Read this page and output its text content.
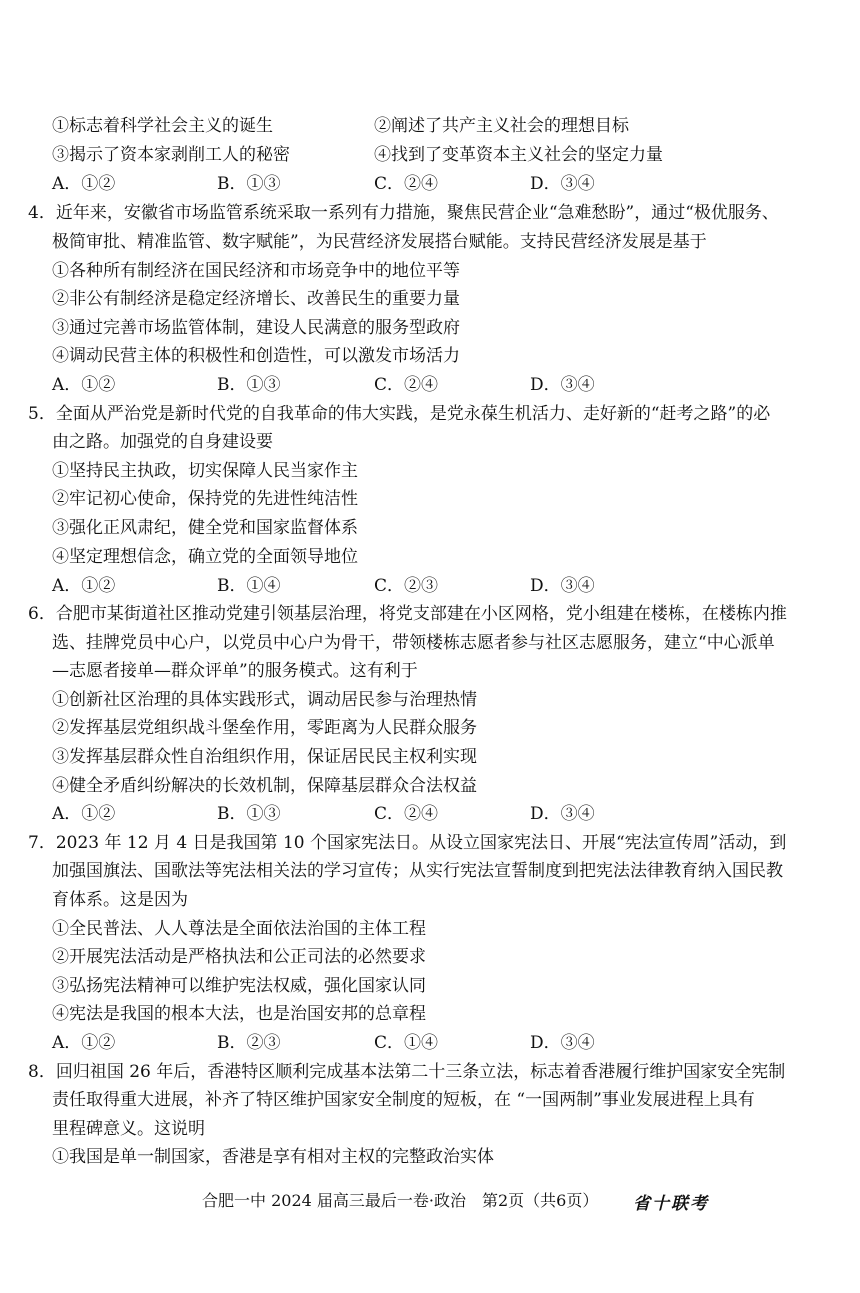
①标志着科学社会主义的诞生	②阐述了共产主义社会的理想目标
③揭示了资本家剥削工人的秘密	④找到了变革资本主义社会的坚定力量
A．①②	B．①③	C．②④	D．③④
4．近年来，安徽省市场监管系统采取一系列有力措施，聚焦民营企业“急难愁盼”，通过“极优服务、
极简审批、精准监管、数字赋能”，为民营经济发展搭台赋能。支持民营经济发展是基于
①各种所有制经济在国民经济和市场竞争中的地位平等
②非公有制经济是稳定经济增长、改善民生的重要力量
③通过完善市场监管体制，建设人民满意的服务型政府
④调动民营主体的积极性和创造性，可以激发市场活力
A．①②	B．①③	C．②④	D．③④
5．全面从严治党是新时代党的自我革命的伟大实践，是党永葆生机活力、走好新的“赶考之路”的必
由之路。加强党的自身建设要
①坚持民主执政，切实保障人民当家作主
②牢记初心使命，保持党的先进性纯洁性
③强化正风肃纪，健全党和国家监督体系
④坚定理想信念，确立党的全面领导地位
A．①②	B．①④	C．②③	D．③④
6．合肥市某街道社区推动党建引领基层治理，将党支部建在小区网格，党小组建在楼栋，在楼栋内推
选、挂牌党员中心户，以党员中心户为骨干，带领楼栋志愿者参与社区志愿服务，建立“中心派单
—志愿者接单—群众评单”的服务模式。这有利于
①创新社区治理的具体实践形式，调动居民参与治理热情
②发挥基层党组织战斗堡垒作用，零距离为人民群众服务
③发挥基层群众性自治组织作用，保证居民民主权利实现
④健全矛盾纠纷解决的长效机制，保障基层群众合法权益
A．①②	B．①③	C．②④	D．③④
7．2023 年 12 月 4 日是我国第 10 个国家宪法日。从设立国家宪法日、开展“宪法宣传周”活动，到
加强国旗法、国歌法等宪法相关法的学习宣传；从实行宪法宣誓制度到把宪法法律教育纳入国民教
育体系。这是因为
①全民普法、人人尊法是全面依法治国的主体工程
②开展宪法活动是严格执法和公正司法的必然要求
③弘扬宪法精神可以维护宪法权威，强化国家认同
④宪法是我国的根本大法，也是治国安邦的总章程
A．①②	B．②③	C．①④	D．③④
8．回归祖国 26 年后，香港特区顺利完成基本法第二十三条立法，标志着香港履行维护国家安全宪制
责任取得重大进展，补齐了特区维护国家安全制度的短板，在 “一国两制”事业发展进程上具有
里程碑意义。这说明
①我国是单一制国家，香港是享有相对主权的完整政治实体
合肥一中 2024 届高三最后一卷·政治　第2页（共6页） 省十联考
